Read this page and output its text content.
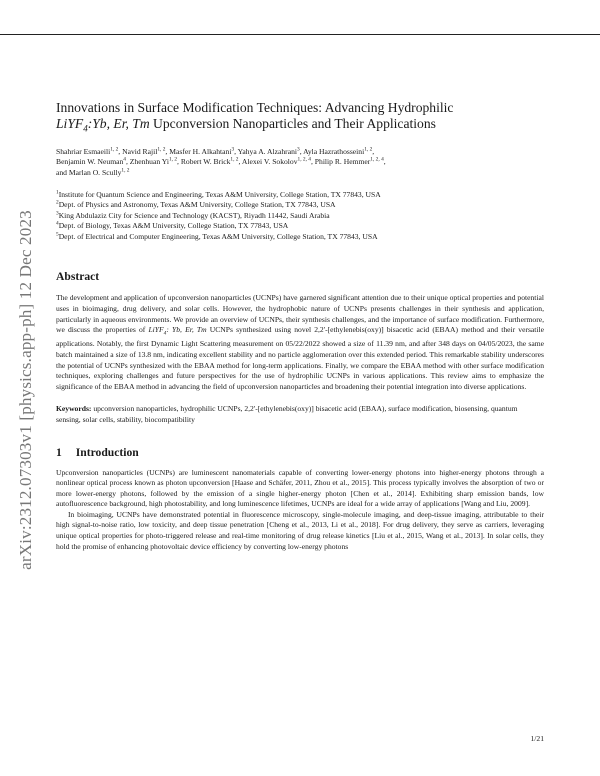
arXiv:2312.07303v1 [physics.app-ph] 12 Dec 2023
Innovations in Surface Modification Techniques: Advancing Hydrophilic
LiYF$_4$:Yb, Er, Tm Upconversion Nanoparticles and Their Applications
Shahriar Esmaeili$^{1, 2}$, Navid Rajil$^{1, 2}$, Masfer H. Alkahtani$^3$, Yahya A. Alzahrani$^3$, Ayla Hazrathosseini$^{1, 2}$,
Benjamin W. Neuman$^4$, Zhenhuan Yi$^{1, 2}$, Robert W. Brick$^{1, 2}$, Alexei V. Sokolov$^{1, 2, 4}$, Philip R. Hemmer$^{1, 2, 4}$,
and Marlan O. Scully$^{1, 2}$
$^1$Institute for Quantum Science and Engineering, Texas A&M University, College Station, TX 77843, USA
$^2$Dept. of Physics and Astronomy, Texas A&M University, College Station, TX 77843, USA
$^3$King Abdulaziz City for Science and Technology (KACST), Riyadh 11442, Saudi Arabia
$^4$Dept. of Biology, Texas A&M University, College Station, TX 77843, USA
$^5$Dept. of Electrical and Computer Engineering, Texas A&M University, College Station, TX 77843, USA
Abstract

The development and application of upconversion nanoparticles (UCNPs) have garnered significant attention due to their unique optical properties and potential uses in bioimaging, drug delivery, and solar cells. However, the hydrophobic nature of UCNPs presents challenges in their synthesis and application, particularly in aqueous environments. We provide an overview of UCNPs, their synthesis challenges, and the importance of surface modification. Furthermore, we discuss the properties of LiYF$_4$: Yb, Er, Tm UCNPs synthesized using novel 2,2'-[ethylenebis(oxy)] bisacetic acid (EBAA) method and their versatile applications. Notably, the first Dynamic Light Scattering measurement on 05/22/2022 showed a size of 11.39 nm, and after 348 days on 04/05/2023, the same batch maintained a size of 13.8 nm, indicating excellent stability and no particle agglomeration over this extended period. This remarkable stability underscores the potential of UCNPs synthesized with the EBAA method for long-term applications. Finally, we compare the EBAA method with other surface modification techniques, exploring challenges and future perspectives for the use of hydrophilic UCNPs in various applications. This review aims to emphasize the significance of the EBAA method in advancing the field of upconversion nanoparticles and broadening their potential integration into diverse applications.

Keywords: upconversion nanoparticles, hydrophilic UCNPs, 2,2'-[ethylenebis(oxy)] bisacetic acid (EBAA), surface modification, biosensing, quantum sensing, solar cells, stability, biocompatibility

1 Introduction

Upconversion nanoparticles (UCNPs) are luminescent nanomaterials capable of converting lower-energy photons into higher-energy photons through a nonlinear optical process known as photon upconversion [Haase and Schäfer, 2011, Zhou et al., 2015]. This process typically involves the absorption of two or more lower-energy photons, followed by the emission of a single higher-energy photon [Chen et al., 2014]. Exhibiting sharp emission bands, low autofluorescence background, high photostability, and long luminescence lifetimes, UCNPs are ideal for a wide array of applications [Wang and Liu, 2009].

In bioimaging, UCNPs have demonstrated potential in fluorescence microscopy, single-molecule imaging, and deep-tissue imaging, attributable to their high signal-to-noise ratio, low toxicity, and deep tissue penetration [Cheng et al., 2013, Li et al., 2018]. For drug delivery, they serve as carriers, leveraging unique optical properties for photo-triggered release and real-time monitoring of drug release kinetics [Liu et al., 2015, Wang et al., 2013]. In solar cells, they hold the promise of enhancing photovoltaic device efficiency by converting low-energy photons

1/21
